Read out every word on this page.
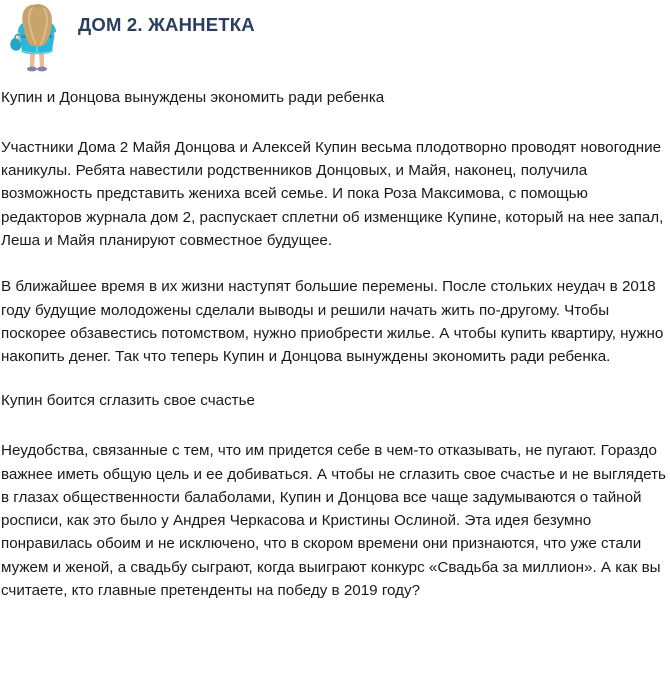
ДОМ 2. ЖАННЕТКА

Купин и Донцова вынуждены экономить ради ребенка

Участники Дома 2 Майя Донцова и Алексей Купин весьма плодотворно проводят новогодние каникулы. Ребята навестили родственников Донцовых, и Майя, наконец, получила возможность представить жениха всей семье. И пока Роза Максимова, с помощью редакторов журнала дом 2, распускает сплетни об изменщике Купине, который на нее запал, Леша и Майя планируют совместное будущее.

В ближайшее время в их жизни наступят большие перемены. После стольких неудач в 2018 году будущие молодожены сделали выводы и решили начать жить по-другому. Чтобы поскорее обзавестись потомством, нужно приобрести жилье. А чтобы купить квартиру, нужно накопить денег. Так что теперь Купин и Донцова вынуждены экономить ради ребенка.

Купин боится сглазить свое счастье

Неудобства, связанные с тем, что им придется себе в чем-то отказывать, не пугают. Гораздо важнее иметь общую цель и ее добиваться. А чтобы не сглазить свое счастье и не выглядеть в глазах общественности балаболами, Купин и Донцова все чаще задумываются о тайной росписи, как это было у Андрея Черкасова и Кристины Ослиной. Эта идея безумно понравилась обоим и не исключено, что в скором времени они признаются, что уже стали мужем и женой, а свадьбу сыграют, когда выиграют конкурс «Свадьба за миллион». А как вы считаете, кто главные претенденты на победу в 2019 году?
